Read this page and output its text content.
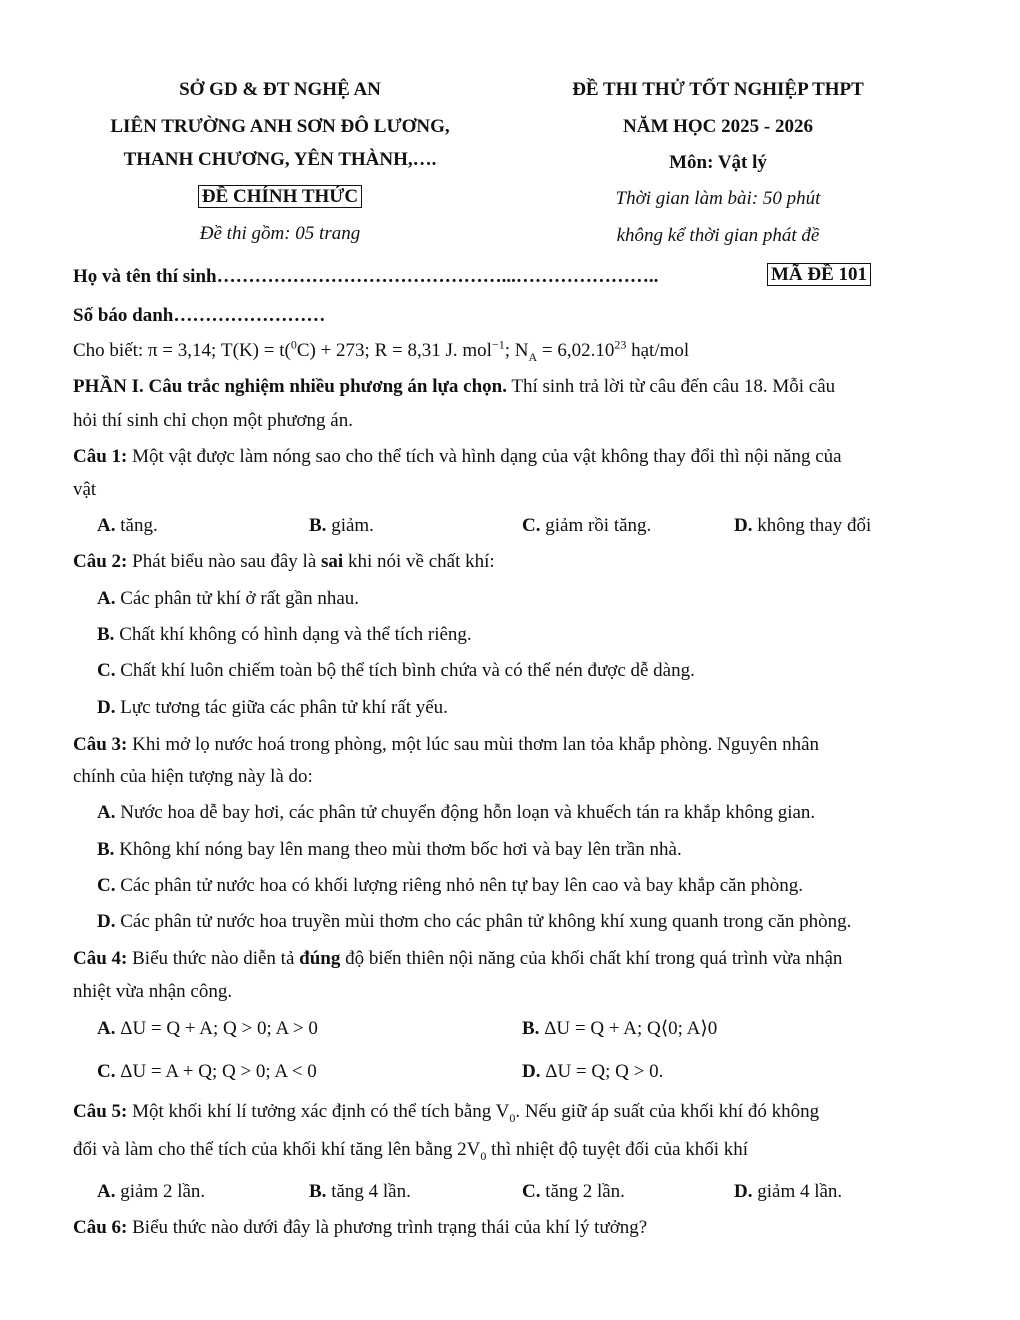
SỞ GD & ĐT NGHỆ AN
LIÊN TRƯỜNG ANH SƠN ĐÔ LƯƠNG,
THANH CHƯƠNG, YÊN THÀNH,….
ĐỀ CHÍNH THỨC
Đề thi gồm: 05 trang
ĐỀ THI THỬ TỐT NGHIỆP THPT
NĂM HỌC 2025 - 2026
Môn: Vật lý
Thời gian làm bài: 50 phút
không kể thời gian phát đề
Họ và tên thí sinh………………………………………...…………………..	MÃ ĐỀ 101
Số báo danh……………………
Cho biết: π = 3,14; T(K) = t($^0$C) + 273; R = 8,31 J. mol$^{-1}$; $N_A = 6,02.10^{23}$ hạt/mol
PHẦN I. Câu trắc nghiệm nhiều phương án lựa chọn. Thí sinh trả lời từ câu đến câu 18. Mỗi câu
hỏi thí sinh chỉ chọn một phương án.
Câu 1: Một vật được làm nóng sao cho thể tích và hình dạng của vật không thay đổi thì nội năng của
vật
A. tăng.	B. giảm.	C. giảm rồi tăng.	D. không thay đổi
Câu 2: Phát biểu nào sau đây là sai khi nói về chất khí:
A. Các phân tử khí ở rất gần nhau.
B. Chất khí không có hình dạng và thể tích riêng.
C. Chất khí luôn chiếm toàn bộ thể tích bình chứa và có thể nén được dễ dàng.
D. Lực tương tác giữa các phân tử khí rất yếu.
Câu 3: Khi mở lọ nước hoá trong phòng, một lúc sau mùi thơm lan tỏa khắp phòng. Nguyên nhân
chính của hiện tượng này là do:
A. Nước hoa dễ bay hơi, các phân tử chuyển động hỗn loạn và khuếch tán ra khắp không gian.
B. Không khí nóng bay lên mang theo mùi thơm bốc hơi và bay lên trần nhà.
C. Các phân tử nước hoa có khối lượng riêng nhỏ nên tự bay lên cao và bay khắp căn phòng.
D. Các phân tử nước hoa truyền mùi thơm cho các phân tử không khí xung quanh trong căn phòng.
Câu 4: Biểu thức nào diễn tả đúng độ biến thiên nội năng của khối chất khí trong quá trình vừa nhận
nhiệt vừa nhận công.
A. ΔU = Q + A; Q > 0; A > 0	B. ΔU = Q + A; Q⟨0; A⟩0
C. ΔU = A + Q; Q > 0; A < 0	D. ΔU = Q; Q > 0.
Câu 5: Một khối khí lí tưởng xác định có thể tích bằng $V_0$. Nếu giữ áp suất của khối khí đó không
đổi và làm cho thể tích của khối khí tăng lên bằng $2V_0$ thì nhiệt độ tuyệt đối của khối khí
A. giảm 2 lần.	B. tăng 4 lần.	C. tăng 2 lần.	D. giảm 4 lần.
Câu 6: Biểu thức nào dưới đây là phương trình trạng thái của khí lý tưởng?
